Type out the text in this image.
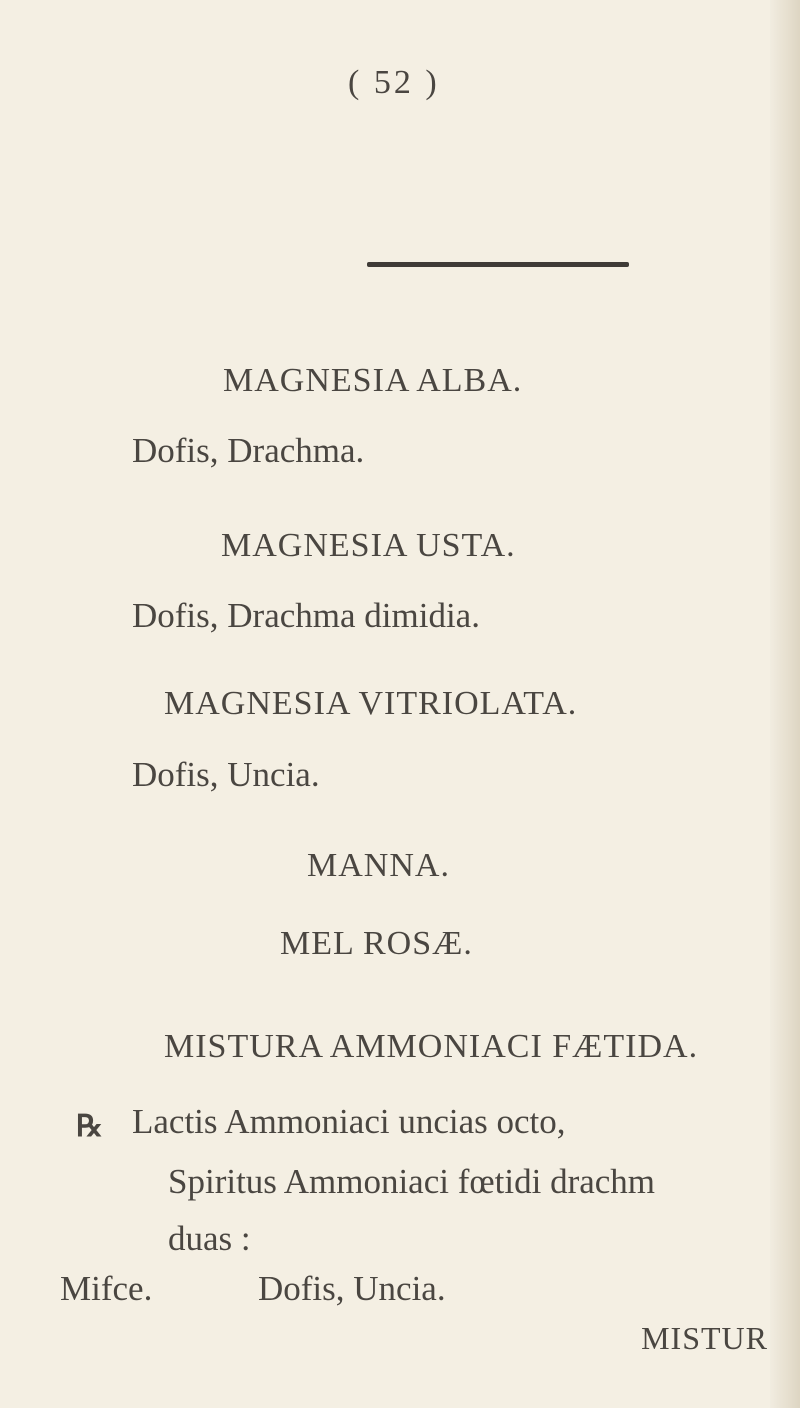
( 52 )
MAGNESIA ALBA.
Dofis, Drachma.
MAGNESIA USTA.
Dofis, Drachma dimidia.
MAGNESIA VITRIOLATA.
Dofis, Uncia.
MANNA.
MEL ROSÆ.
MISTURA AMMONIACI FÆTIDA.
℞ Lactis Ammoniaci uncias octo,
Spiritus Ammoniaci fœtidi drachm
duas :
Mifce.	Dofis, Uncia.
MISTUR
